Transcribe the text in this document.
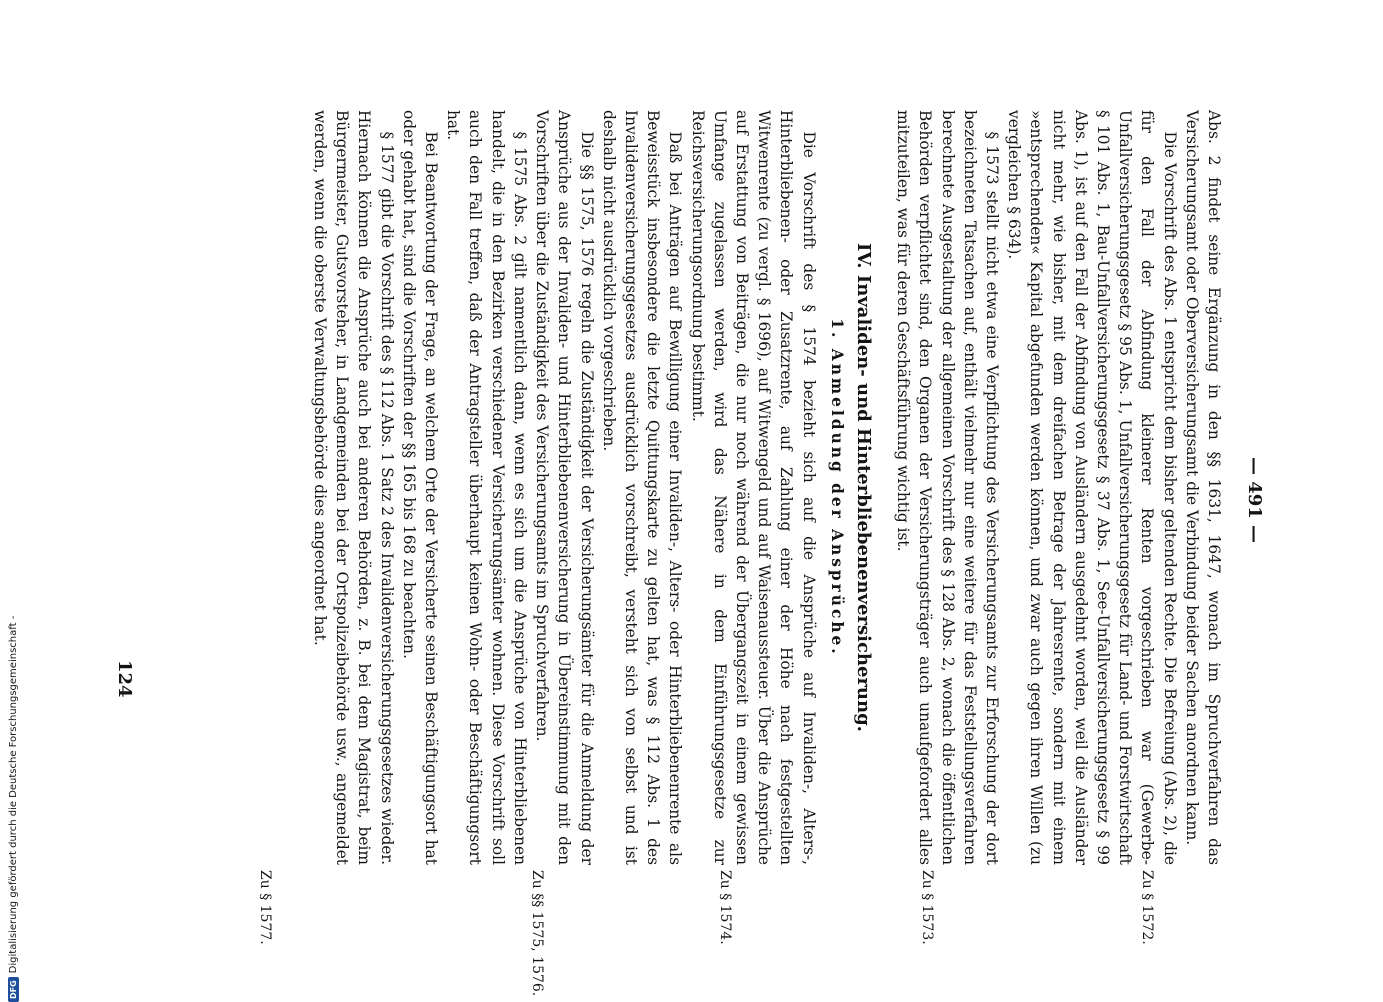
— 491 —

Abs. 2 findet seine Ergänzung in den §§ 1631, 1647, wonach im Spruchverfahren das Versicherungsamt oder Oberversicherungsamt die Verbindung beider Sachen anordnen kann.

Die Vorschrift des Abs. 1 entspricht dem bisher geltenden Rechte. Die Befreiung (Abs. 2), die für den Fall der Abfindung kleinerer Renten vorgeschrieben war (Gewerbe-Unfallversicherungsgesetz § 95 Abs. 1, Unfallversicherungsgesetz für Land- und Forstwirtschaft § 101 Abs. 1, Bau-Unfallversicherungsgesetz § 37 Abs. 1, See-Unfallversicherungsgesetz § 99 Abs. 1), ist auf den Fall der Abfindung von Ausländern ausgedehnt worden, weil die Ausländer nicht mehr, wie bisher, mit dem dreifachen Betrage der Jahresrente, sondern mit einem »entsprechenden« Kapital abgefunden werden können, und zwar auch gegen ihren Willen (zu vergleichen § 634).

§ 1573 stellt nicht etwa eine Verpflichtung des Versicherungsamts zur Erforschung der dort bezeichneten Tatsachen auf, enthält vielmehr nur eine weitere für das Feststellungsverfahren berechnete Ausgestaltung der allgemeinen Vorschrift des § 128 Abs. 2, wonach die öffentlichen Behörden verpflichtet sind, den Organen der Versicherungsträger auch unaufgefordert alles mitzuteilen, was für deren Geschäftsführung wichtig ist.

IV. Invaliden- und Hinterbliebenenversicherung.
1. Anmeldung der Ansprüche.

Die Vorschrift des § 1574 bezieht sich auf die Ansprüche auf Invaliden-, Alters-, Hinterbliebenen- oder Zusatzrente, auf Zahlung einer der Höhe nach festgestellten Witwenrente (zu vergl. § 1696), auf Witwengeld und auf Waisenaussteuer. Über die Ansprüche auf Erstattung von Beiträgen, die nur noch während der Übergangszeit in einem gewissen Umfange zugelassen werden, wird das Nähere in dem Einführungsgesetze zur Reichsversicherungsordnung bestimmt.

Daß bei Anträgen auf Bewilligung einer Invaliden-, Alters- oder Hinterbliebenenrente als Beweisstück insbesondere die letzte Quittungskarte zu gelten hat, was § 112 Abs. 1 des Invalidenversicherungsgesetzes ausdrücklich vorschreibt, versteht sich von selbst und ist deshalb nicht ausdrücklich vorgeschrieben.

Die §§ 1575, 1576 regeln die Zuständigkeit der Versicherungsämter für die Anmeldung der Ansprüche aus der Invaliden- und Hinterbliebenenversicherung in Übereinstimmung mit den Vorschriften über die Zuständigkeit des Versicherungsamts im Spruchverfahren.

§ 1575 Abs. 2 gilt namentlich dann, wenn es sich um die Ansprüche von Hinterbliebenen handelt, die in den Bezirken verschiedener Versicherungsämter wohnen. Diese Vorschrift soll auch den Fall treffen, daß der Antragsteller überhaupt keinen Wohn- oder Beschäftigungsort hat.

Bei Beantwortung der Frage, an welchem Orte der Versicherte seinen Beschäftigungsort hat oder gehabt hat, sind die Vorschriften der §§ 165 bis 168 zu beachten.

§ 1577 gibt die Vorschrift des § 112 Abs. 1 Satz 2 des Invalidenversicherungsgesetzes wieder. Hiernach können die Ansprüche auch bei anderen Behörden, z. B. bei dem Magistrat, beim Bürgermeister, Gutsvorsteher, in Landgemeinden bei der Ortspolizeibehörde usw., angemeldet werden, wenn die oberste Verwaltungsbehörde dies angeordnet hat.

Zu § 1572.
Zu § 1573.
Zu § 1574.
Zu §§ 1575, 1576.
Zu § 1577.
124
DFG
Digitalisierung gefördert durch die Deutsche Forschungsgemeinschaft -
